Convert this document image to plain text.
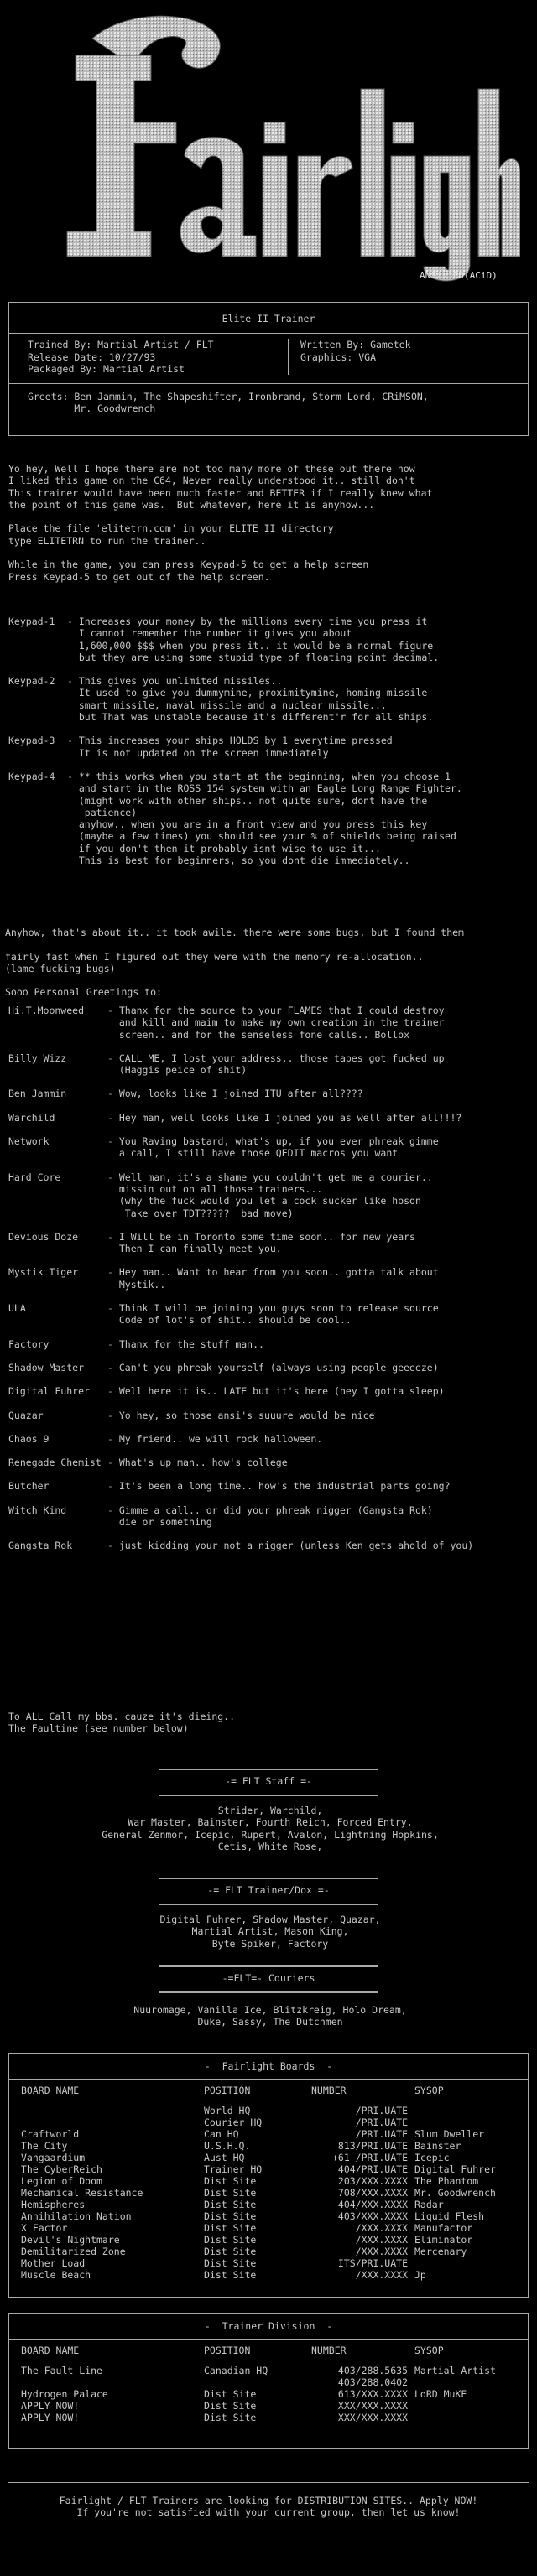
ANSi-JED(ACiD)
Elite II Trainer
Trained By: Martial Artist / FLT
Release Date: 10/27/93
Packaged By: Martial Artist
Written By: Gametek
Graphics: VGA
Greets: Ben Jammin, The Shapeshifter, Ironbrand, Storm Lord, CRiMSON,
Mr. Goodwrench
Yo hey, Well I hope there are not too many more of these out there now
I liked this game on the C64, Never really understood it.. still don't
This trainer would have been much faster and BETTER if I really knew what
the point of this game was.  But whatever, here it is anyhow...

Place the file 'elitetrn.com' in your ELITE II directory
type ELITETRN to run the trainer..

While in the game, you can press Keypad-5 to get a help screen
Press Keypad-5 to get out of the help screen.
Keypad-1	- Increases your money by the millions every time you press it
I cannot remember the number it gives you about
1,600,000 $$$ when you press it.. it would be a normal figure
but they are using some stupid type of floating point decimal.
Keypad-2	- This gives you unlimited missiles..
It used to give you dummymine, proximitymine, homing missile
smart missile, naval missile and a nuclear missile...
but That was unstable because it's different'r for all ships.
Keypad-3	- This increases your ships HOLDS by 1 everytime pressed
It is not updated on the screen immediately
Keypad-4	- ** this works when you start at the beginning, when you choose 1
and start in the ROSS 154 system with an Eagle Long Range Fighter.
(might work with other ships.. not quite sure, dont have the
patience)
anyhow.. when you are in a front view and you press this key
(maybe a few times) you should see your % of shields being raised
if you don't then it probably isnt wise to use it...
This is best for beginners, so you dont die immediately..
Anyhow, that's about it.. it took awile. there were some bugs, but I found them

fairly fast when I figured out they were with the memory re-allocation..
(lame fucking bugs)

Sooo Personal Greetings to:
Hi.T.Moonweed	- Thanx for the source to your FLAMES that I could destroy
and kill and maim to make my own creation in the trainer
screen.. and for the senseless fone calls.. Bollox
Billy Wizz	- CALL ME, I lost your address.. those tapes got fucked up
(Haggis peice of shit)
Ben Jammin	- Wow, looks like I joined ITU after all????
Warchild	- Hey man, well looks like I joined you as well after all!!!?
Network	- You Raving bastard, what's up, if you ever phreak gimme
a call, I still have those QEDIT macros you want
Hard Core	- Well man, it's a shame you couldn't get me a courier..
missin out on all those trainers...
(why the fuck would you let a cock sucker like hoson
Take over TDT?????  bad move)
Devious Doze	- I Will be in Toronto some time soon.. for new years
Then I can finally meet you.
Mystik Tiger	- Hey man.. Want to hear from you soon.. gotta talk about
Mystik..
ULA	- Think I will be joining you guys soon to release source
Code of lot's of shit.. should be cool..
Factory	- Thanx for the stuff man..
Shadow Master	- Can't you phreak yourself (always using people geeeeze)
Digital Fuhrer	- Well here it is.. LATE but it's here (hey I gotta sleep)
Quazar	- Yo hey, so those ansi's suuure would be nice
Chaos 9	- My friend.. we will rock halloween.
Renegade Chemist - What's up man.. how's college
Butcher	- It's been a long time.. how's the industrial parts going?
Witch Kind	- Gimme a call.. or did your phreak nigger (Gangsta Rok)
die or something
Gangsta Rok	- just kidding your not a nigger (unless Ken gets ahold of you)
To ALL Call my bbs. cauze it's dieing..
The Faultine (see number below)
-= FLT Staff =-
Strider, Warchild,
War Master, Bainster, Fourth Reich, Forced Entry,
General Zenmor, Icepic, Rupert, Avalon, Lightning Hopkins,
Cetis, White Rose,
-= FLT Trainer/Dox =-
Digital Fuhrer, Shadow Master, Quazar,
Martial Artist, Mason King,
Byte Spiker, Factory
-=FLT=- Couriers
Nuuromage, Vanilla Ice, Blitzkreig, Holo Dream,
Duke, Sassy, The Dutchmen
-  Fairlight Boards  -
BOARD NAME	POSITION	NUMBER	SYSOP
	World HQ	/PRI.UATE	
	Courier HQ	/PRI.UATE	
Craftworld	Can HQ	/PRI.UATE	Slum Dweller
The City	U.S.H.Q.	813/PRI.UATE	Bainster
Vangaardium	Aust HQ	+61 /PRI.UATE	Icepic
The CyberReich	Trainer HQ	404/PRI.UATE	Digital Fuhrer

Legion of Doom	Dist Site	203/XXX.XXXX	The Phantom
Mechanical Resistance	Dist Site	708/XXX.XXXX	Mr. Goodwrench
Hemispheres	Dist Site	404/XXX.XXXX	Radar
Annihilation Nation	Dist Site	403/XXX.XXXX	Liquid Flesh
X Factor	Dist Site	/XXX.XXXX	Manufactor
Devil's Nightmare	Dist Site	/XXX.XXXX	Eliminator
Demilitarized Zone	Dist Site	/XXX.XXXX	Mercenary
Mother Load	Dist Site	ITS/PRI.UATE	
Muscle Beach	Dist Site	/XXX.XXXX	Jp
-  Trainer Division  -
BOARD NAME	POSITION	NUMBER	SYSOP
The Fault Line	Canadian HQ	403/288.5635	Martial Artist
		403/288.0402	

Hydrogen Palace	Dist Site	613/XXX.XXXX	LoRD MuKE
APPLY NOW!	Dist Site	XXX/XXX.XXXX	
APPLY NOW!	Dist Site	XXX/XXX.XXXX	
Fairlight / FLT Trainers are looking for DISTRIBUTION SITES.. Apply NOW!
If you're not satisfied with your current group, then let us know!
